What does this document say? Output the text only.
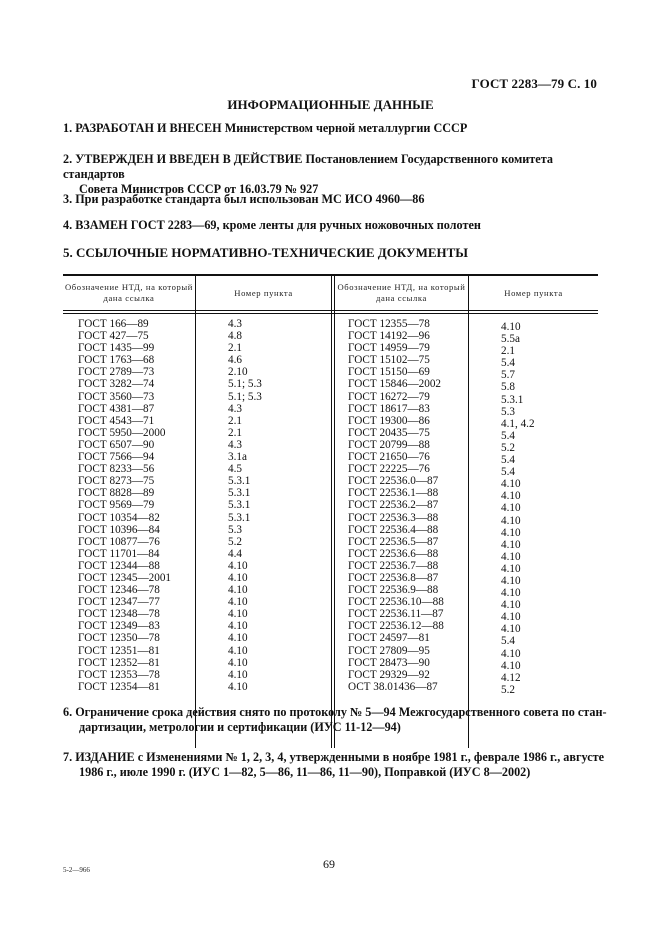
ГОСТ 2283—79 С. 10
ИНФОРМАЦИОННЫЕ ДАННЫЕ
1. РАЗРАБОТАН И ВНЕСЕН Министерством черной металлургии СССР
2. УТВЕРЖДЕН И ВВЕДЕН В ДЕЙСТВИЕ Постановлением Государственного комитета стандартов
Совета Министров СССР от 16.03.79 № 927
3. При разработке стандарта был использован МС ИСО 4960—86
4. ВЗАМЕН ГОСТ 2283—69, кроме ленты для ручных ножовочных полотен
5. ССЫЛОЧНЫЕ НОРМАТИВНО-ТЕХНИЧЕСКИЕ ДОКУМЕНТЫ
Обозначение НТД, на который дана ссылка
Номер пункта
Обозначение НТД, на который дана ссылка
Номер пункта
ГОСТ 166—89
ГОСТ 427—75
ГОСТ 1435—99
ГОСТ 1763—68
ГОСТ 2789—73
ГОСТ 3282—74
ГОСТ 3560—73
ГОСТ 4381—87
ГОСТ 4543—71
ГОСТ 5950—2000
ГОСТ 6507—90
ГОСТ 7566—94
ГОСТ 8233—56
ГОСТ 8273—75
ГОСТ 8828—89
ГОСТ 9569—79
ГОСТ 10354—82
ГОСТ 10396—84
ГОСТ 10877—76
ГОСТ 11701—84
ГОСТ 12344—88
ГОСТ 12345—2001
ГОСТ 12346—78
ГОСТ 12347—77
ГОСТ 12348—78
ГОСТ 12349—83
ГОСТ 12350—78
ГОСТ 12351—81
ГОСТ 12352—81
ГОСТ 12353—78
ГОСТ 12354—81
4.3
4.8
2.1
4.6
2.10
5.1; 5.3
5.1; 5.3
4.3
2.1
2.1
4.3
3.1а
4.5
5.3.1
5.3.1
5.3.1
5.3.1
5.3
5.2
4.4
4.10
4.10
4.10
4.10
4.10
4.10
4.10
4.10
4.10
4.10
4.10
ГОСТ 12355—78
ГОСТ 14192—96
ГОСТ 14959—79
ГОСТ 15102—75
ГОСТ 15150—69
ГОСТ 15846—2002
ГОСТ 16272—79
ГОСТ 18617—83
ГОСТ 19300—86
ГОСТ 20435—75
ГОСТ 20799—88
ГОСТ 21650—76
ГОСТ 22225—76
ГОСТ 22536.0—87
ГОСТ 22536.1—88
ГОСТ 22536.2—87
ГОСТ 22536.3—88
ГОСТ 22536.4—88
ГОСТ 22536.5—87
ГОСТ 22536.6—88
ГОСТ 22536.7—88
ГОСТ 22536.8—87
ГОСТ 22536.9—88
ГОСТ 22536.10—88
ГОСТ 22536.11—87
ГОСТ 22536.12—88
ГОСТ 24597—81
ГОСТ 27809—95
ГОСТ 28473—90
ГОСТ 29329—92
ОСТ 38.01436—87
4.10
5.5а
2.1
5.4
5.7
5.8
5.3.1
5.3
4.1, 4.2
5.4
5.2
5.4
5.4
4.10
4.10
4.10
4.10
4.10
4.10
4.10
4.10
4.10
4.10
4.10
4.10
4.10
5.4
4.10
4.10
4.12
5.2
6. Ограничение срока действия снято по протоколу № 5—94 Межгосударственного совета по стан-
дартизации, метрологии и сертификации (ИУС 11-12—94)
7. ИЗДАНИЕ с Изменениями № 1, 2, 3, 4, утвержденными в ноябре 1981 г., феврале 1986 г., августе
1986 г., июле 1990 г. (ИУС 1—82, 5—86, 11—86, 11—90), Поправкой (ИУС 8—2002)
5-2—966	69
